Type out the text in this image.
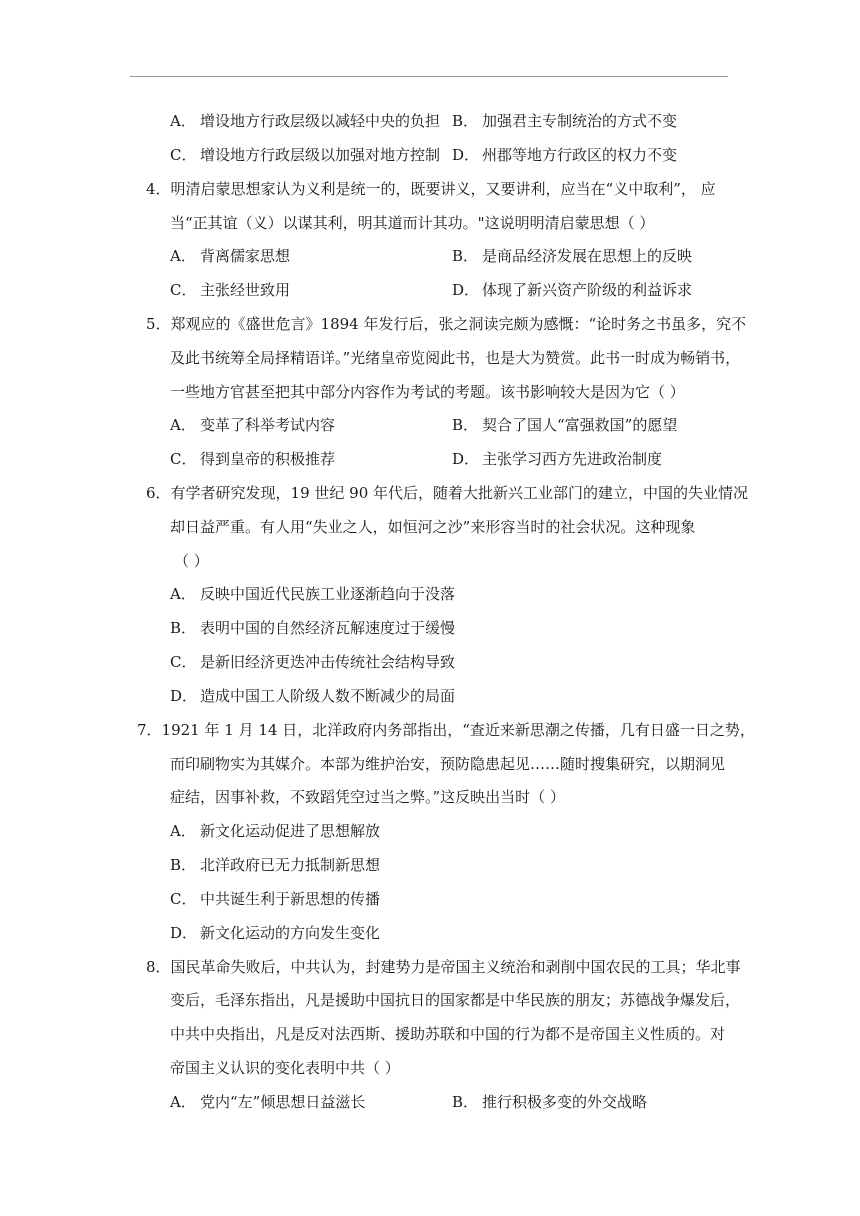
A． 增设地方行政层级以减轻中央的负担 B． 加强君主专制统治的方式不变
C． 增设地方行政层级以加强对地方控制 D． 州郡等地方行政区的权力不变
4．明清启蒙思想家认为义利是统一的，既要讲义，又要讲利，应当在“义中取利”， 应
当“正其谊（义）以谋其利，明其道而计其功。"这说明明清启蒙思想（ ）
A． 背离儒家思想	B． 是商品经济发展在思想上的反映
C． 主张经世致用	D． 体现了新兴资产阶级的利益诉求
5．郑观应的《盛世危言》1894 年发行后，张之洞读完颇为感慨：“论时务之书虽多，究不
及此书统筹全局择精语详。”光绪皇帝览阅此书，也是大为赞赏。此书一时成为畅销书，
一些地方官甚至把其中部分内容作为考试的考题。该书影响较大是因为它（ ）
A． 变革了科举考试内容	B． 契合了国人“富强救国”的愿望
C． 得到皇帝的积极推荐	D． 主张学习西方先进政治制度
6．有学者研究发现，19 世纪 90 年代后，随着大批新兴工业部门的建立，中国的失业情况
却日益严重。有人用“失业之人，如恒河之沙”来形容当时的社会状况。这种现象
（ ）
A． 反映中国近代民族工业逐渐趋向于没落
B． 表明中国的自然经济瓦解速度过于缓慢
C． 是新旧经济更迭冲击传统社会结构导致
D． 造成中国工人阶级人数不断减少的局面
7．1921 年 1 月 14 日，北洋政府内务部指出，“查近来新思潮之传播，几有日盛一日之势，
而印刷物实为其媒介。本部为维护治安，预防隐患起见……随时搜集研究，以期洞见
症结，因事补救，不致蹈凭空过当之弊。”这反映出当时（ ）
A． 新文化运动促进了思想解放
B． 北洋政府已无力抵制新思想
C． 中共诞生利于新思想的传播
D． 新文化运动的方向发生变化
8．国民革命失败后，中共认为，封建势力是帝国主义统治和剥削中国农民的工具；华北事
变后，毛泽东指出，凡是援助中国抗日的国家都是中华民族的朋友；苏德战争爆发后，
中共中央指出，凡是反对法西斯、援助苏联和中国的行为都不是帝国主义性质的。对
帝国主义认识的变化表明中共（ ）
A． 党内“左”倾思想日益滋长	B． 推行积极多变的外交战略
